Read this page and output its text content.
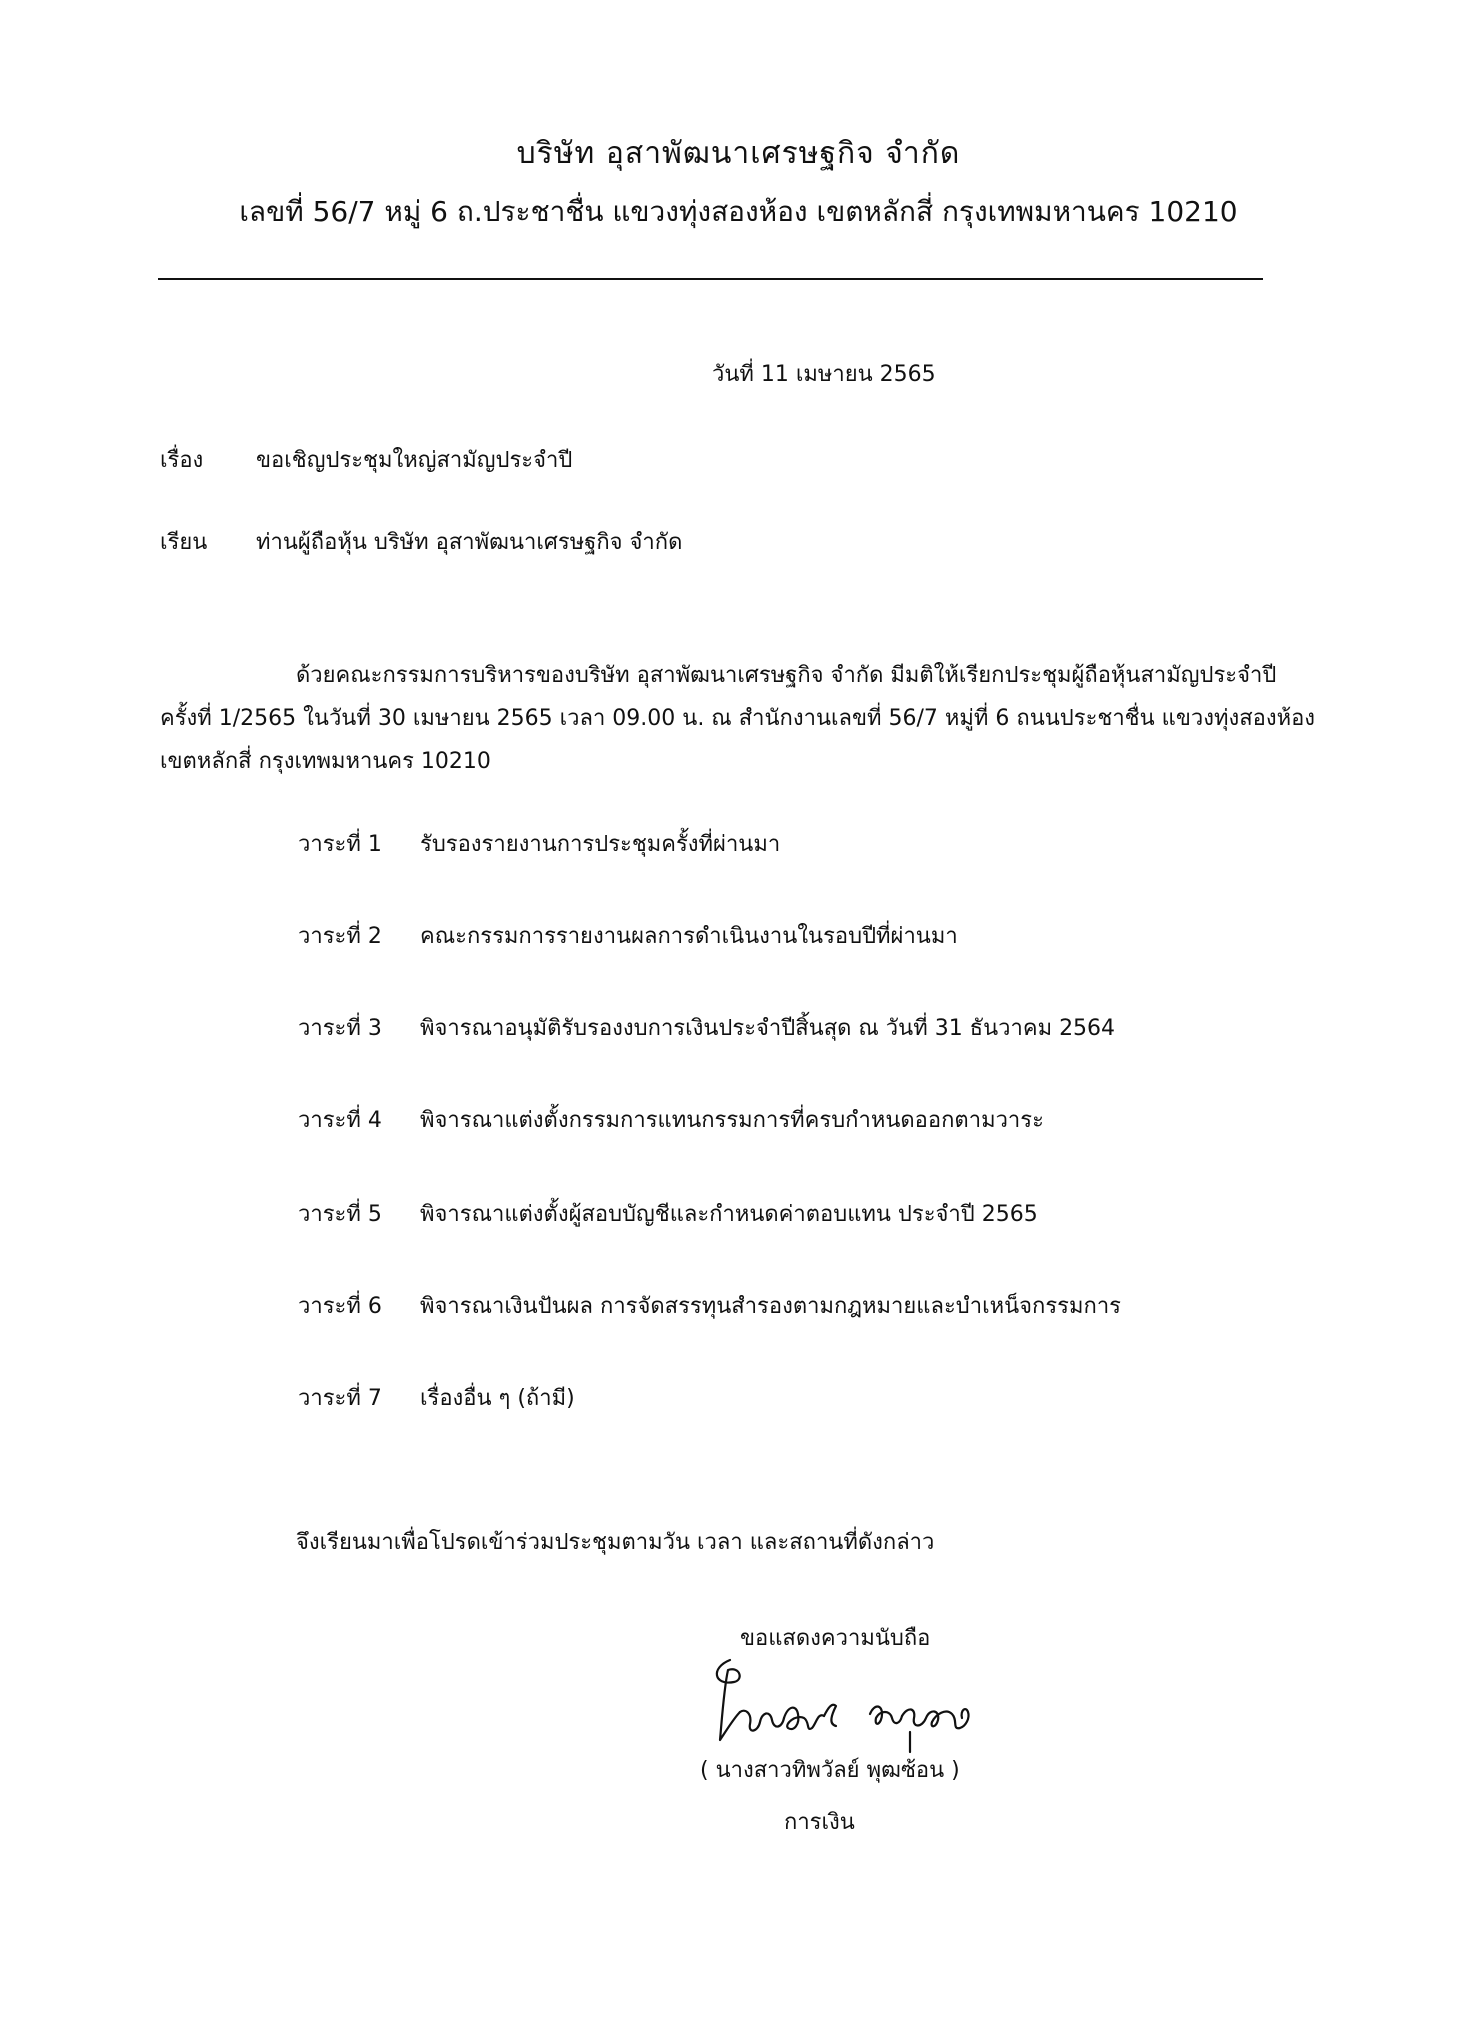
บริษัท อุสาพัฒนาเศรษฐกิจ จำกัด
เลขที่ 56/7 หมู่ 6 ถ.ประชาชื่น แขวงทุ่งสองห้อง เขตหลักสี่ กรุงเทพมหานคร 10210
วันที่ 11 เมษายน 2565
เรื่อง ขอเชิญประชุมใหญ่สามัญประจำปี
เรียน ท่านผู้ถือหุ้น บริษัท อุสาพัฒนาเศรษฐกิจ จำกัด
ด้วยคณะกรรมการบริหารของบริษัท อุสาพัฒนาเศรษฐกิจ จำกัด มีมติให้เรียกประชุมผู้ถือหุ้นสามัญประจำปี
ครั้งที่ 1/2565 ในวันที่ 30 เมษายน 2565 เวลา 09.00 น. ณ สำนักงานเลขที่ 56/7 หมู่ที่ 6 ถนนประชาชื่น แขวงทุ่งสองห้อง
เขตหลักสี่ กรุงเทพมหานคร 10210
วาระที่ 1 รับรองรายงานการประชุมครั้งที่ผ่านมา
วาระที่ 2 คณะกรรมการรายงานผลการดำเนินงานในรอบปีที่ผ่านมา
วาระที่ 3 พิจารณาอนุมัติรับรองงบการเงินประจำปีสิ้นสุด ณ วันที่ 31 ธันวาคม 2564
วาระที่ 4 พิจารณาแต่งตั้งกรรมการแทนกรรมการที่ครบกำหนดออกตามวาระ
วาระที่ 5 พิจารณาแต่งตั้งผู้สอบบัญชีและกำหนดค่าตอบแทน ประจำปี 2565
วาระที่ 6 พิจารณาเงินปันผล การจัดสรรทุนสำรองตามกฎหมายและบำเหน็จกรรมการ
วาระที่ 7 เรื่องอื่น ๆ (ถ้ามี)
จึงเรียนมาเพื่อโปรดเข้าร่วมประชุมตามวัน เวลา และสถานที่ดังกล่าว
ขอแสดงความนับถือ
( นางสาวทิพวัลย์ พุฒซ้อน )
การเงิน
